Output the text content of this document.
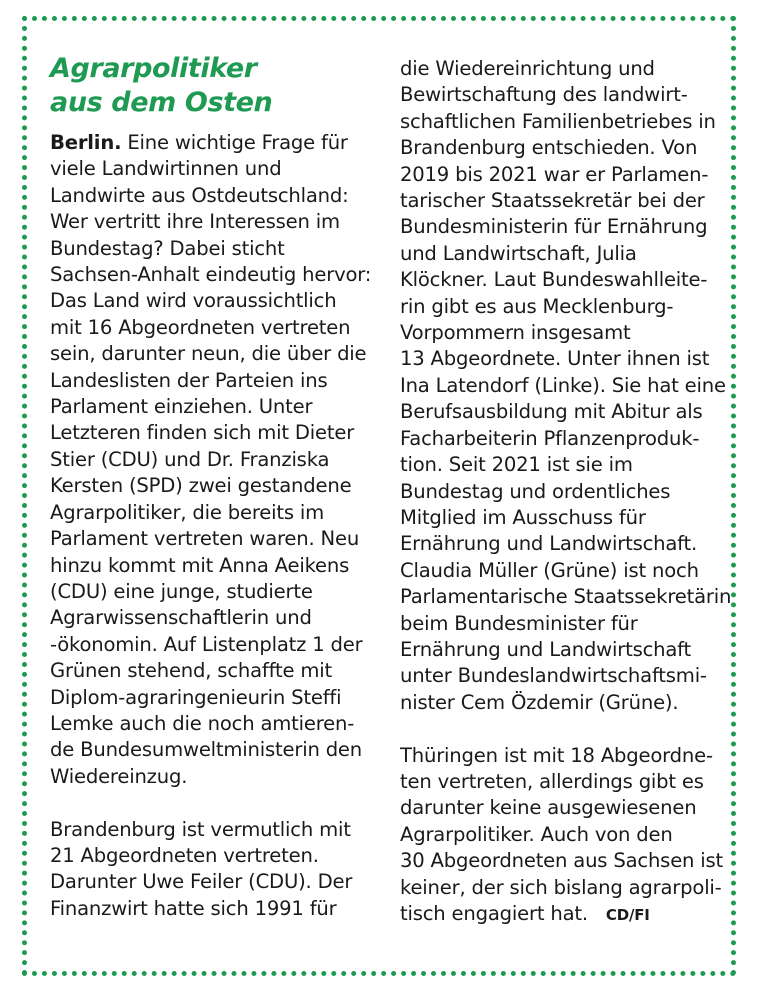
Agrarpolitiker
aus dem Osten
Berlin. Eine wichtige Frage für
viele Landwirtinnen und
Landwirte aus Ostdeutschland:
Wer vertritt ihre Interessen im
Bundestag? Dabei sticht
Sachsen-Anhalt eindeutig hervor:
Das Land wird voraussichtlich
mit 16 Abgeordneten vertreten
sein, darunter neun, die über die
Landeslisten der Parteien ins
Parlament einziehen. Unter
Letzteren finden sich mit Dieter
Stier (CDU) und Dr. Franziska
Kersten (SPD) zwei gestandene
Agrarpolitiker, die bereits im
Parlament vertreten waren. Neu
hinzu kommt mit Anna Aeikens
(CDU) eine junge, studierte
Agrarwissenschaftlerin und
-ökonomin. Auf Listenplatz 1 der
Grünen stehend, schaffte mit
Diplom-agraringenieurin Steffi
Lemke auch die noch amtieren-
de Bundesumweltministerin den
Wiedereinzug.
Brandenburg ist vermutlich mit
21 Abgeordneten vertreten.
Darunter Uwe Feiler (CDU). Der
Finanzwirt hatte sich 1991 für
die Wiedereinrichtung und
Bewirtschaftung des landwirt-
schaftlichen Familienbetriebes in
Brandenburg entschieden. Von
2019 bis 2021 war er Parlamen-
tarischer Staatssekretär bei der
Bundesministerin für Ernährung
und Landwirtschaft, Julia
Klöckner. Laut Bundeswahlleite-
rin gibt es aus Mecklenburg-
Vorpommern insgesamt
13 Abgeordnete. Unter ihnen ist
Ina Latendorf (Linke). Sie hat eine
Berufsausbildung mit Abitur als
Facharbeiterin Pflanzenproduk-
tion. Seit 2021 ist sie im
Bundestag und ordentliches
Mitglied im Ausschuss für
Ernährung und Landwirtschaft.
Claudia Müller (Grüne) ist noch
Parlamentarische Staatssekretärin
beim Bundesminister für
Ernährung und Landwirtschaft
unter Bundeslandwirtschaftsmi-
nister Cem Özdemir (Grüne).
Thüringen ist mit 18 Abgeordne-
ten vertreten, allerdings gibt es
darunter keine ausgewiesenen
Agrarpolitiker. Auch von den
30 Abgeordneten aus Sachsen ist
keiner, der sich bislang agrarpoli-
tisch engagiert hat. CD/FI
